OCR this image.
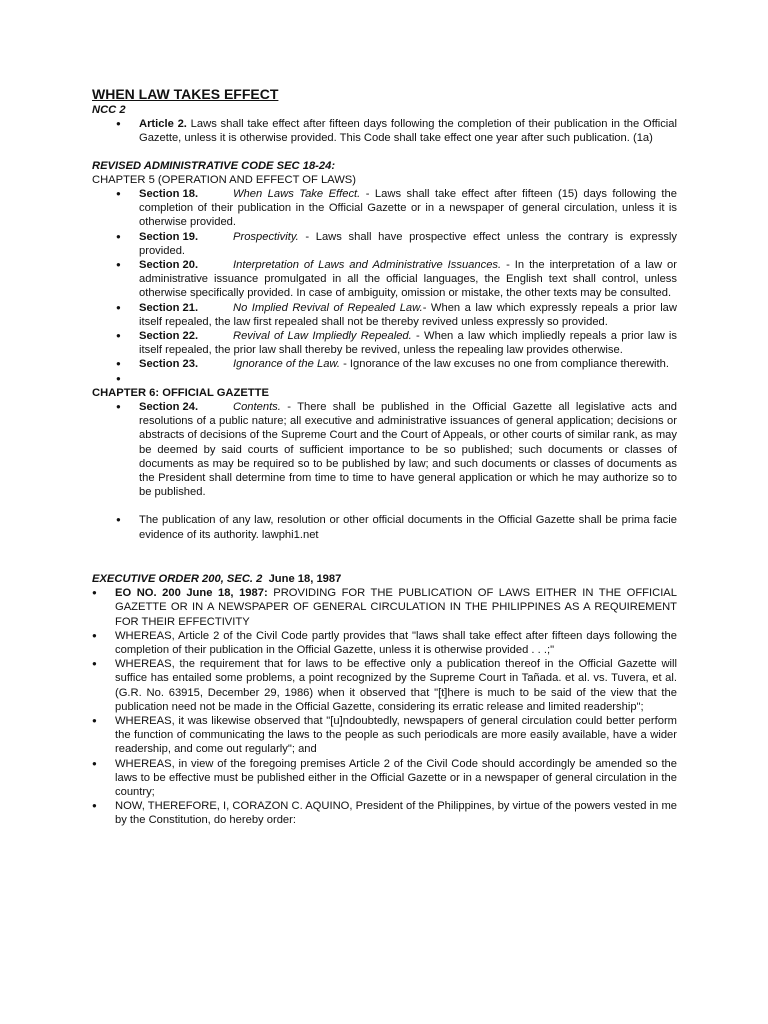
WHEN LAW TAKES EFFECT
NCC 2
● Article 2. Laws shall take effect after fifteen days following the completion of their publication in the Official Gazette, unless it is otherwise provided. This Code shall take effect one year after such publication. (1a)
REVISED ADMINISTRATIVE CODE SEC 18-24:
CHAPTER 5 (OPERATION AND EFFECT OF LAWS)
● Section 18.	When Laws Take Effect. - Laws shall take effect after fifteen (15) days following the completion of their publication in the Official Gazette or in a newspaper of general circulation, unless it is otherwise provided.
● Section 19.	Prospectivity. - Laws shall have prospective effect unless the contrary is expressly provided.
● Section 20.	Interpretation of Laws and Administrative Issuances. - In the interpretation of a law or administrative issuance promulgated in all the official languages, the English text shall control, unless otherwise specifically provided. In case of ambiguity, omission or mistake, the other texts may be consulted.
● Section 21.	No Implied Revival of Repealed Law.- When a law which expressly repeals a prior law itself repealed, the law first repealed shall not be thereby revived unless expressly so provided.
● Section 22.	Revival of Law Impliedly Repealed. - When a law which impliedly repeals a prior law is itself repealed, the prior law shall thereby be revived, unless the repealing law provides otherwise.
● Section 23.	Ignorance of the Law. - Ignorance of the law excuses no one from compliance therewith.
●
CHAPTER 6: OFFICIAL GAZETTE
● Section 24.	Contents. - There shall be published in the Official Gazette all legislative acts and resolutions of a public nature; all executive and administrative issuances of general application; decisions or abstracts of decisions of the Supreme Court and the Court of Appeals, or other courts of similar rank, as may be deemed by said courts of sufficient importance to be so published; such documents or classes of documents as may be required so to be published by law; and such documents or classes of documents as the President shall determine from time to time to have general application or which he may authorize so to be published.
● The publication of any law, resolution or other official documents in the Official Gazette shall be prima facie evidence of its authority. lawphi1.net
EXECUTIVE ORDER 200, SEC. 2  June 18, 1987
● EO NO. 200 June 18, 1987: PROVIDING FOR THE PUBLICATION OF LAWS EITHER IN THE OFFICIAL GAZETTE OR IN A NEWSPAPER OF GENERAL CIRCULATION IN THE PHILIPPINES AS A REQUIREMENT FOR THEIR EFFECTIVITY
● WHEREAS, Article 2 of the Civil Code partly provides that "laws shall take effect after fifteen days following the completion of their publication in the Official Gazette, unless it is otherwise provided . . .;"
● WHEREAS, the requirement that for laws to be effective only a publication thereof in the Official Gazette will suffice has entailed some problems, a point recognized by the Supreme Court in Tañada. et al. vs. Tuvera, et al. (G.R. No. 63915, December 29, 1986) when it observed that "[t]here is much to be said of the view that the publication need not be made in the Official Gazette, considering its erratic release and limited readership";
● WHEREAS, it was likewise observed that "[u]ndoubtedly, newspapers of general circulation could better perform the function of communicating the laws to the people as such periodicals are more easily available, have a wider readership, and come out regularly"; and
● WHEREAS, in view of the foregoing premises Article 2 of the Civil Code should accordingly be amended so the laws to be effective must be published either in the Official Gazette or in a newspaper of general circulation in the country;
● NOW, THEREFORE, I, CORAZON C. AQUINO, President of the Philippines, by virtue of the powers vested in me by the Constitution, do hereby order:
